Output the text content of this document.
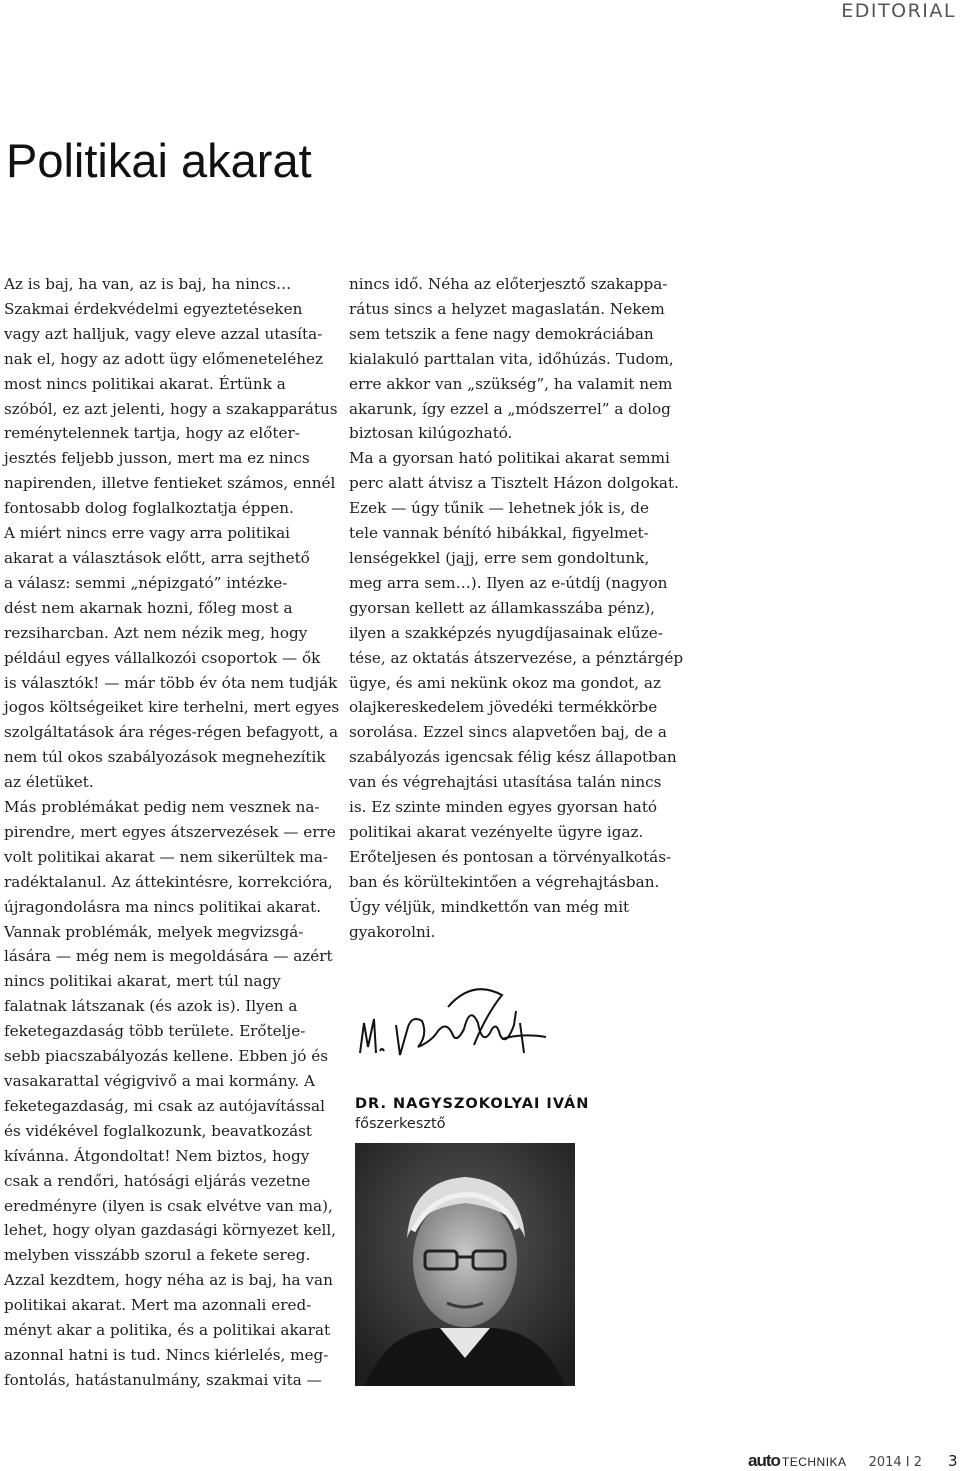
EDITORIAL
Politikai akarat
Az is baj, ha van, az is baj, ha nincs…
Szakmai érdekvédelmi egyeztetéseken
vagy azt halljuk, vagy eleve azzal utasíta-
nak el, hogy az adott ügy előmeneteléhez
most nincs politikai akarat. Értünk a
szóból, ez azt jelenti, hogy a szakapparátus
reménytelennek tartja, hogy az előter-
jesztés feljebb jusson, mert ma ez nincs
napirenden, illetve fentieket számos, ennél
fontosabb dolog foglalkoztatja éppen.
A miért nincs erre vagy arra politikai
akarat a választások előtt, arra sejthető
a válasz: semmi „népizgató” intézke-
dést nem akarnak hozni, főleg most a
rezsiharcban. Azt nem nézik meg, hogy
például egyes vállalkozói csoportok — ők
is választók! — már több év óta nem tudják
jogos költségeiket kire terhelni, mert egyes
szolgáltatások ára réges-régen befagyott, a
nem túl okos szabályozások megnehezítik
az életüket.
Más problémákat pedig nem vesznek na-
pirendre, mert egyes átszervezések — erre
volt politikai akarat — nem sikerültek ma-
radéktalanul. Az áttekintésre, korrekcióra,
újragondolásra ma nincs politikai akarat.
Vannak problémák, melyek megvizsgá-
lására — még nem is megoldására — azért
nincs politikai akarat, mert túl nagy
falatnak látszanak (és azok is). Ilyen a
feketegazdaság több területe. Erőtelje-
sebb piacszabályozás kellene. Ebben jó és
vasakarattal végigvivő a mai kormány. A
feketegazdaság, mi csak az autójavítással
és vidékével foglalkozunk, beavatkozást
kívánna. Átgondoltat! Nem biztos, hogy
csak a rendőri, hatósági eljárás vezetne
eredményre (ilyen is csak elvétve van ma),
lehet, hogy olyan gazdasági környezet kell,
melyben visszább szorul a fekete sereg.
Azzal kezdtem, hogy néha az is baj, ha van
politikai akarat. Mert ma azonnali ered-
ményt akar a politika, és a politikai akarat
azonnal hatni is tud. Nincs kiérlelés, meg-
fontolás, hatástanulmány, szakmai vita —
nincs idő. Néha az előterjesztő szakappa-
rátus sincs a helyzet magaslatán. Nekem
sem tetszik a fene nagy demokráciában
kialakuló parttalan vita, időhúzás. Tudom,
erre akkor van „szükség”, ha valamit nem
akarunk, így ezzel a „módszerrel” a dolog
biztosan kilúgozható.
Ma a gyorsan ható politikai akarat semmi
perc alatt átvisz a Tisztelt Házon dolgokat.
Ezek — úgy tűnik — lehetnek jók is, de
tele vannak bénító hibákkal, figyelmet-
lenségekkel (jajj, erre sem gondoltunk,
meg arra sem…). Ilyen az e-útdíj (nagyon
gyorsan kellett az államkasszába pénz),
ilyen a szakképzés nyugdíjasainak elűze-
tése, az oktatás átszervezése, a pénztárgép
ügye, és ami nekünk okoz ma gondot, az
olajkereskedelem jövedéki termékkörbe
sorolása. Ezzel sincs alapvetően baj, de a
szabályozás igencsak félig kész állapotban
van és végrehajtási utasítása talán nincs
is. Ez szinte minden egyes gyorsan ható
politikai akarat vezényelte ügyre igaz.
Erőteljesen és pontosan a törvényalkotás-
ban és körültekintően a végrehajtásban.
Úgy véljük, mindkettőn van még mit
gyakorolni.
DR. NAGYSZOKOLYAI IVÁN
főszerkesztő
auto TECHNIKA 2014 I 2 3
